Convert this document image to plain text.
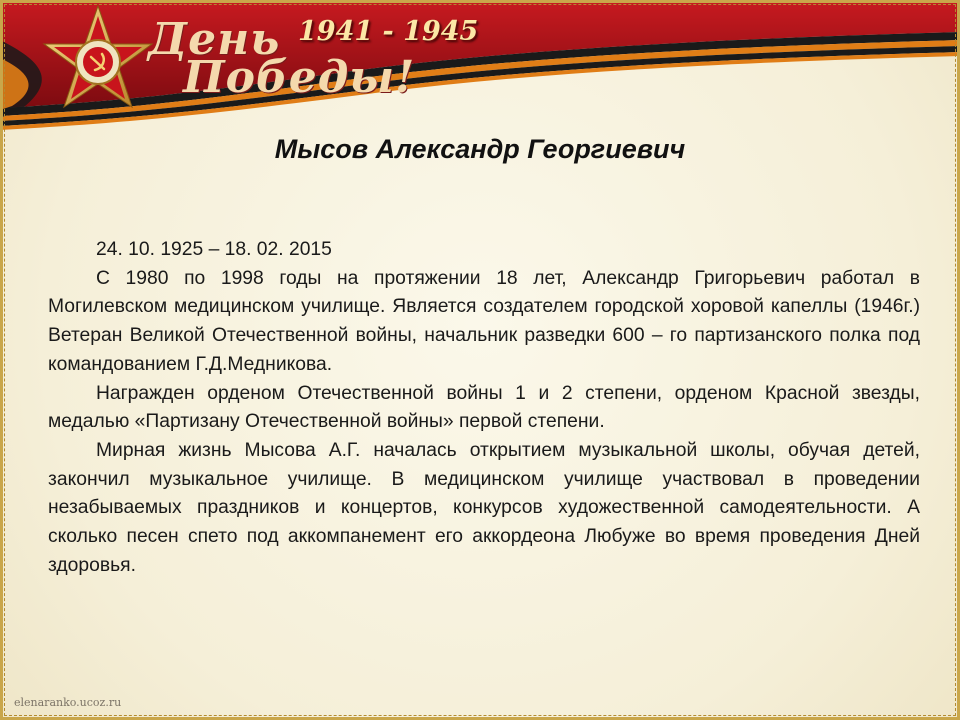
День
Победы!
1941 - 1945
Мысов Александр Георгиевич

24. 10. 1925 – 18. 02. 2015

С 1980 по 1998 годы на протяжении 18 лет, Александр Григорьевич работал в Могилевском медицинском училище. Является создателем городской хоровой капеллы (1946г.) Ветеран Великой Отечественной войны, начальник разведки 600 – го партизанского полка под командованием Г.Д.Медникова.

Награжден орденом Отечественной войны 1 и 2 степени, орденом Красной звезды, медалью «Партизану Отечественной войны» первой степени.

Мирная жизнь Мысова А.Г. началась открытием музыкальной школы, обучая детей, закончил музыкальное училище. В медицинском училище участвовал в проведении незабываемых праздников и концертов, конкурсов художественной самодеятельности. А сколько песен спето под аккомпанемент его аккордеона Любуже во время проведения Дней здоровья.

elenaranko.ucoz.ru
